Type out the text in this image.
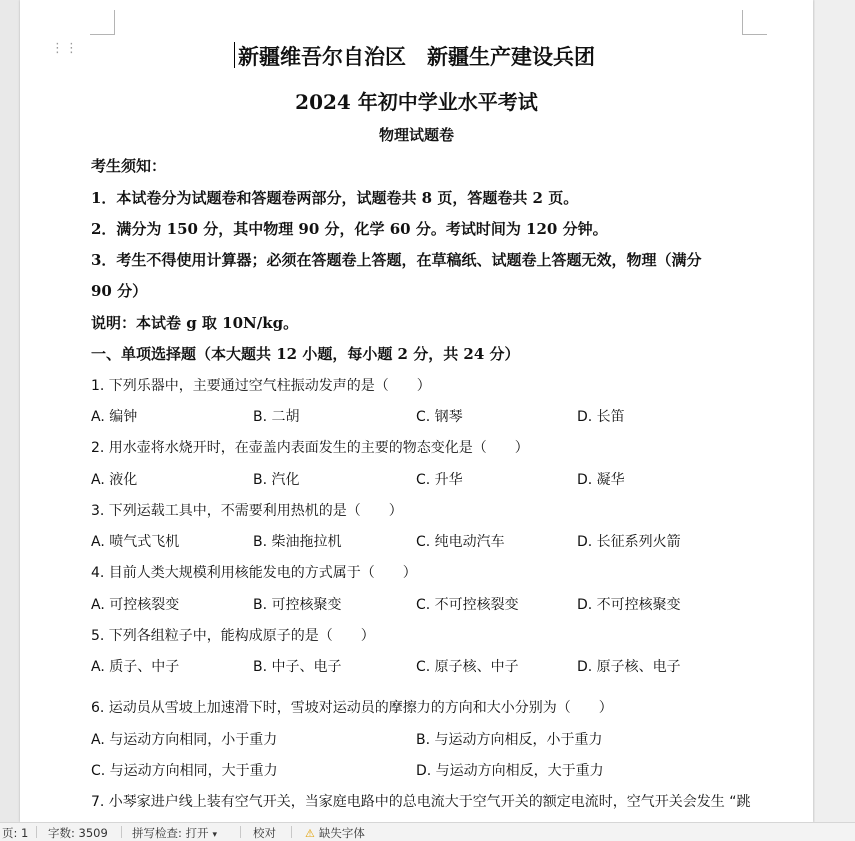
⋮⋮	新疆维吾尔自治区　新疆生产建设兵团
2024 年初中学业水平考试
物理试题卷
考生须知：
1．本试卷分为试题卷和答题卷两部分，试题卷共 8 页，答题卷共 2 页。
2．满分为 150 分，其中物理 90 分，化学 60 分。考试时间为 120 分钟。
3．考生不得使用计算器；必须在答题卷上答题，在草稿纸、试题卷上答题无效，物理（满分
90 分）
说明：本试卷 g 取 10N/kg。
一、单项选择题（本大题共 12 小题，每小题 2 分，共 24 分）
1. 下列乐器中，主要通过空气柱振动发声的是（　　）
A. 编钟	B. 二胡	C. 钢琴	D. 长笛
2. 用水壶将水烧开时，在壶盖内表面发生的主要的物态变化是（　　）
A. 液化	B. 汽化	C. 升华	D. 凝华
3. 下列运载工具中，不需要利用热机的是（　　）
A. 喷气式飞机	B. 柴油拖拉机	C. 纯电动汽车	D. 长征系列火箭
4. 目前人类大规模利用核能发电的方式属于（　　）
A. 可控核裂变	B. 可控核聚变	C. 不可控核裂变	D. 不可控核聚变
5. 下列各组粒子中，能构成原子的是（　　）
A. 质子、中子	B. 中子、电子	C. 原子核、中子	D. 原子核、电子
6. 运动员从雪坡上加速滑下时，雪坡对运动员的摩擦力的方向和大小分别为（　　）
A. 与运动方向相同，小于重力	B. 与运动方向相反，小于重力
C. 与运动方向相同，大于重力	D. 与运动方向相反，大于重力
7. 小琴家进户线上装有空气开关，当家庭电路中的总电流大于空气开关的额定电流时，空气开关会发生 “跳
页: 1 字数: 3509 拼写检查: 打开 ▾	校对	⚠ 缺失字体
